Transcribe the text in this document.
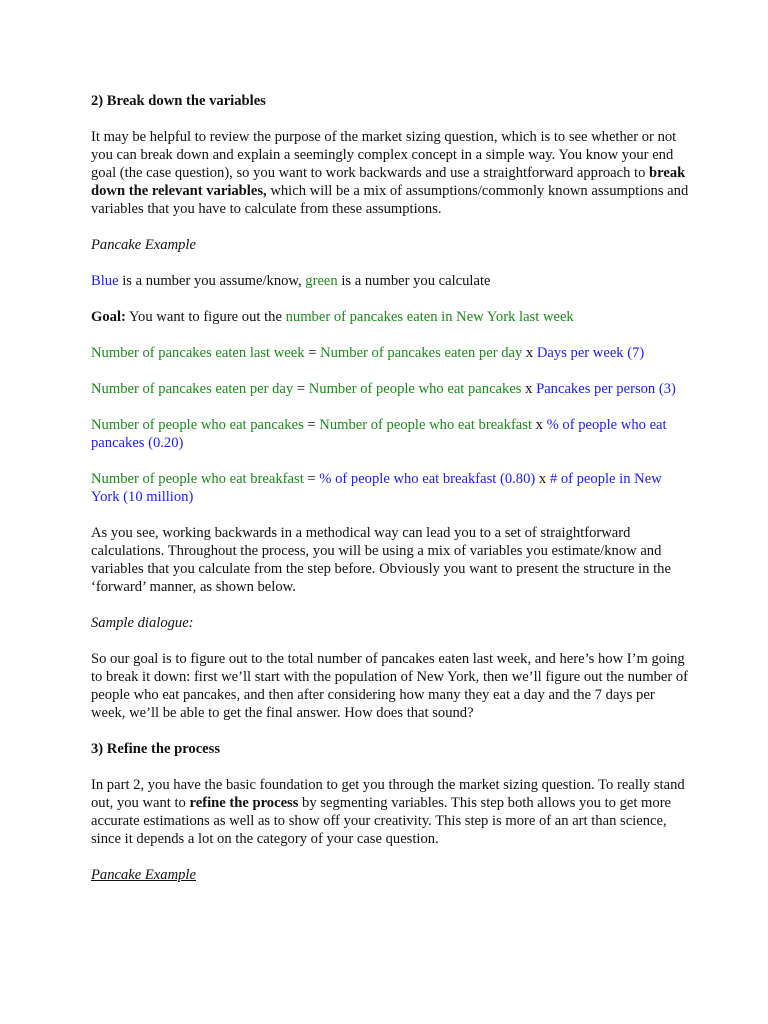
2) Break down the variables

It may be helpful to review the purpose of the market sizing question, which is to see whether or not you can break down and explain a seemingly complex concept in a simple way. You know your end goal (the case question), so you want to work backwards and use a straightforward approach to break down the relevant variables, which will be a mix of assumptions/commonly known assumptions and variables that you have to calculate from these assumptions.

Pancake Example

Blue is a number you assume/know, green is a number you calculate

Goal: You want to figure out the number of pancakes eaten in New York last week

Number of pancakes eaten last week = Number of pancakes eaten per day x Days per week (7)

Number of pancakes eaten per day = Number of people who eat pancakes x Pancakes per person (3)

Number of people who eat pancakes = Number of people who eat breakfast x % of people who eat pancakes (0.20)

Number of people who eat breakfast = % of people who eat breakfast (0.80) x # of people in New York (10 million)

As you see, working backwards in a methodical way can lead you to a set of straightforward calculations. Throughout the process, you will be using a mix of variables you estimate/know and variables that you calculate from the step before. Obviously you want to present the structure in the ‘forward’ manner, as shown below.

Sample dialogue:

So our goal is to figure out to the total number of pancakes eaten last week, and here’s how I’m going to break it down: first we’ll start with the population of New York, then we’ll figure out the number of people who eat pancakes, and then after considering how many they eat a day and the 7 days per week, we’ll be able to get the final answer. How does that sound?

3) Refine the process

In part 2, you have the basic foundation to get you through the market sizing question. To really stand out, you want to refine the process by segmenting variables. This step both allows you to get more accurate estimations as well as to show off your creativity. This step is more of an art than science, since it depends a lot on the category of your case question.

Pancake Example
